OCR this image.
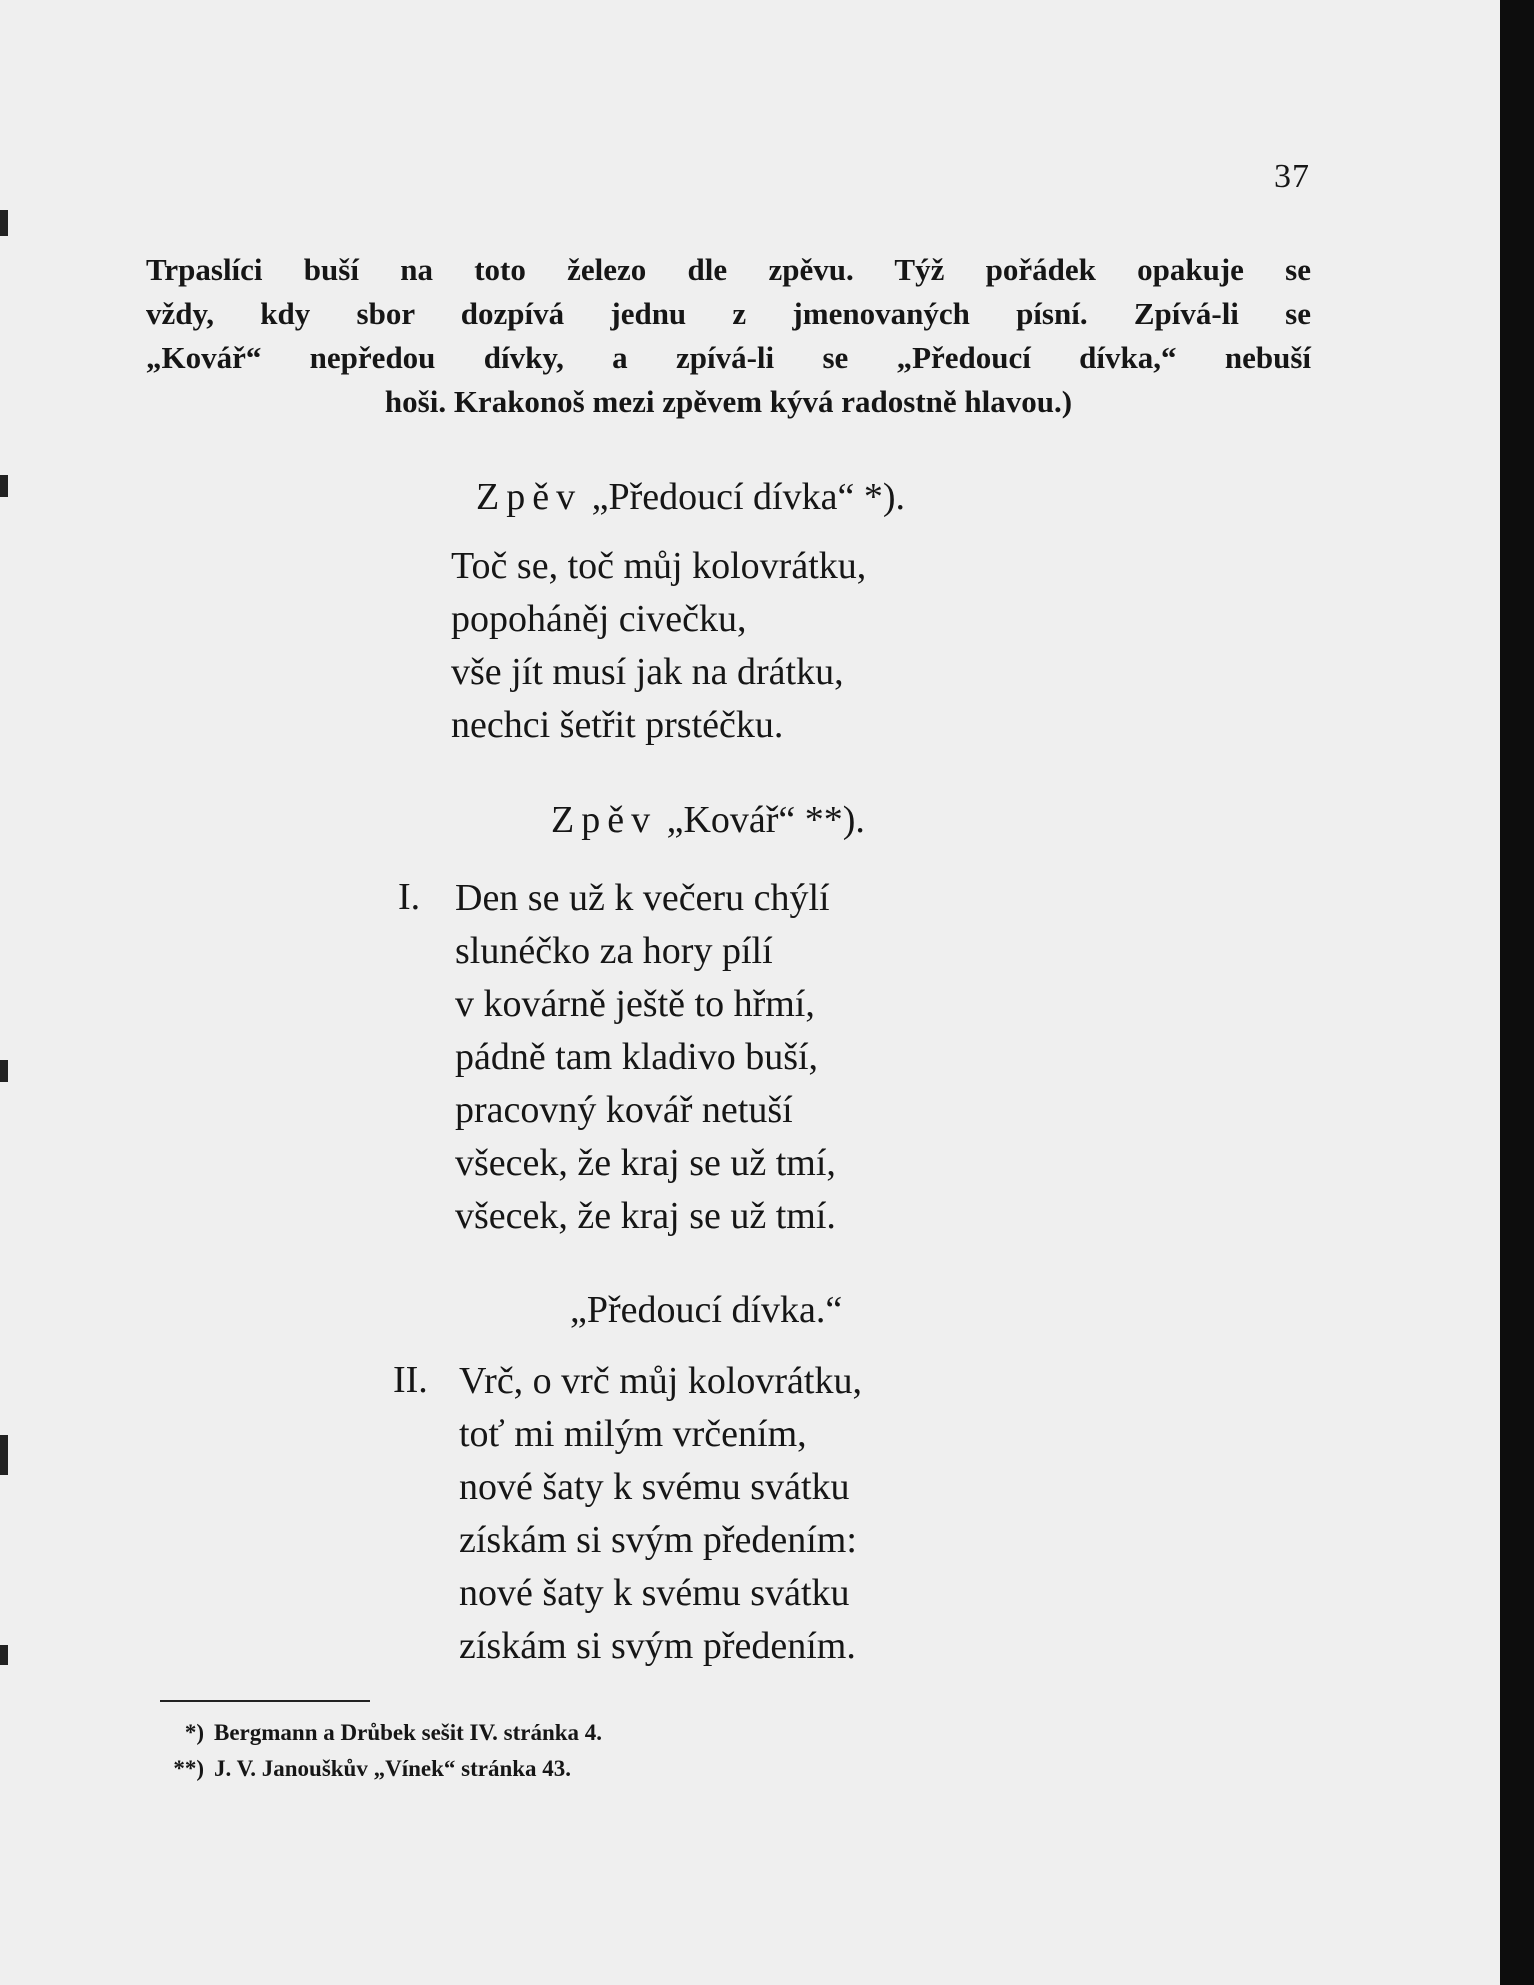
37
Trpaslíci buší na toto železo dle zpěvu. Týž pořádek opakuje se
vždy, kdy sbor dozpívá jednu z jmenovaných písní. Zpívá-li se
„Kovář“ nepředou dívky, a zpívá-li se „Předoucí dívka,“ nebuší
hoši. Krakonoš mezi zpěvem kývá radostně hlavou.)
Zpěv „Předoucí dívka“ *).
Toč se, toč můj kolovrátku,
popoháněj civečku,
vše jít musí jak na drátku,
nechci šetřit prstéčku.
Zpěv „Kovář“ **).
I. Den se už k večeru chýlí
slunéčko za hory pílí
v kovárně ještě to hřmí,
pádně tam kladivo buší,
pracovný kovář netuší
všecek, že kraj se už tmí,
všecek, že kraj se už tmí.
„Předoucí dívka.“
II. Vrč, o vrč můj kolovrátku,
toť mi milým vrčením,
nové šaty k svému svátku
získám si svým předením:
nové šaty k svému svátku
získám si svým předením.
*) Bergmann a Drůbek sešit IV. stránka 4.
**) J. V. Janouškův „Vínek“ stránka 43.
